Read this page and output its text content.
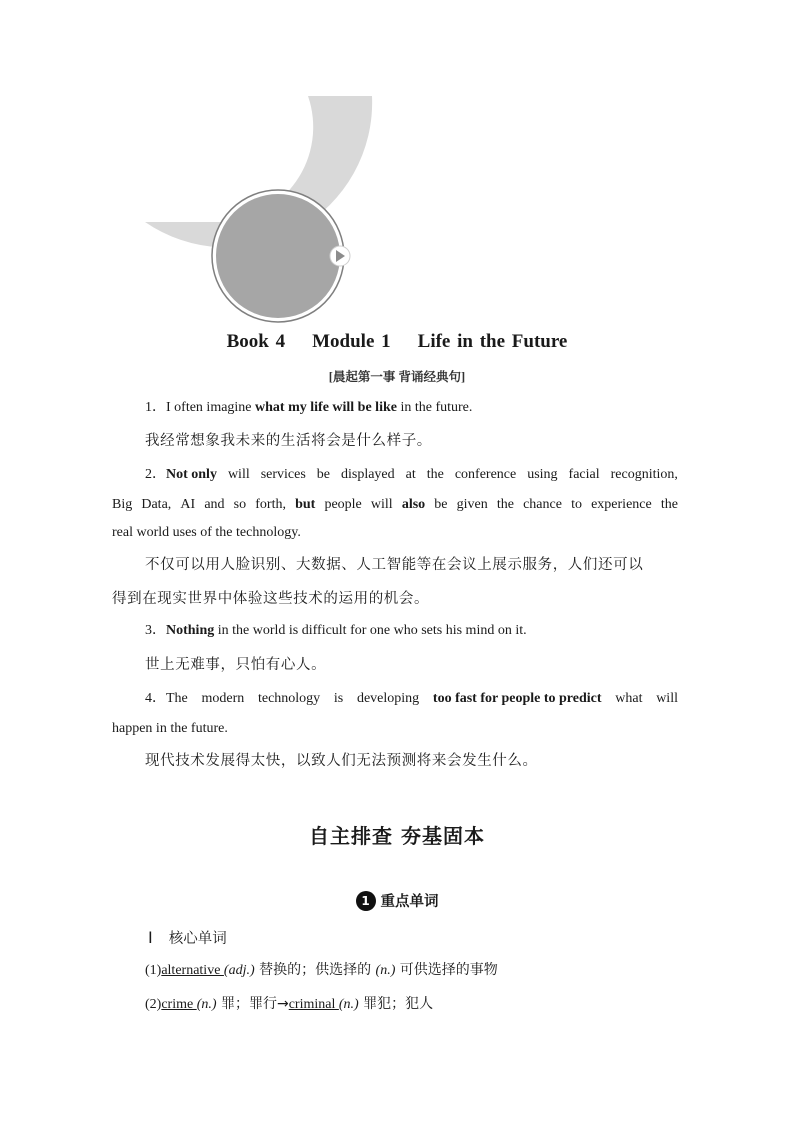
Book 4    Module 1    Life in the Future
[晨起第一事 背诵经典句]
1．I often imagine what my life will be like in the future.
我经常想象我未来的生活将会是什么样子。
2．Not only will services be displayed at the conference using facial recognition,
Big Data, AI and so forth, but people will also be given the chance to experience the
real world uses of the technology.
不仅可以用人脸识别、大数据、人工智能等在会议上展示服务，人们还可以
得到在现实世界中体验这些技术的运用的机会。
3．Nothing in the world is difficult for one who sets his mind on it.
世上无难事，只怕有心人。
4．The modern technology is developing too fast for people to predict what will
happen in the future.
现代技术发展得太快，以致人们无法预测将来会发生什么。
自主排查 夯基固本
1 重点单词
Ⅰ 核心单词
(1)alternative (adj.) 替换的；供选择的 (n.) 可供选择的事物
(2)crime (n.) 罪；罪行→criminal (n.) 罪犯；犯人
